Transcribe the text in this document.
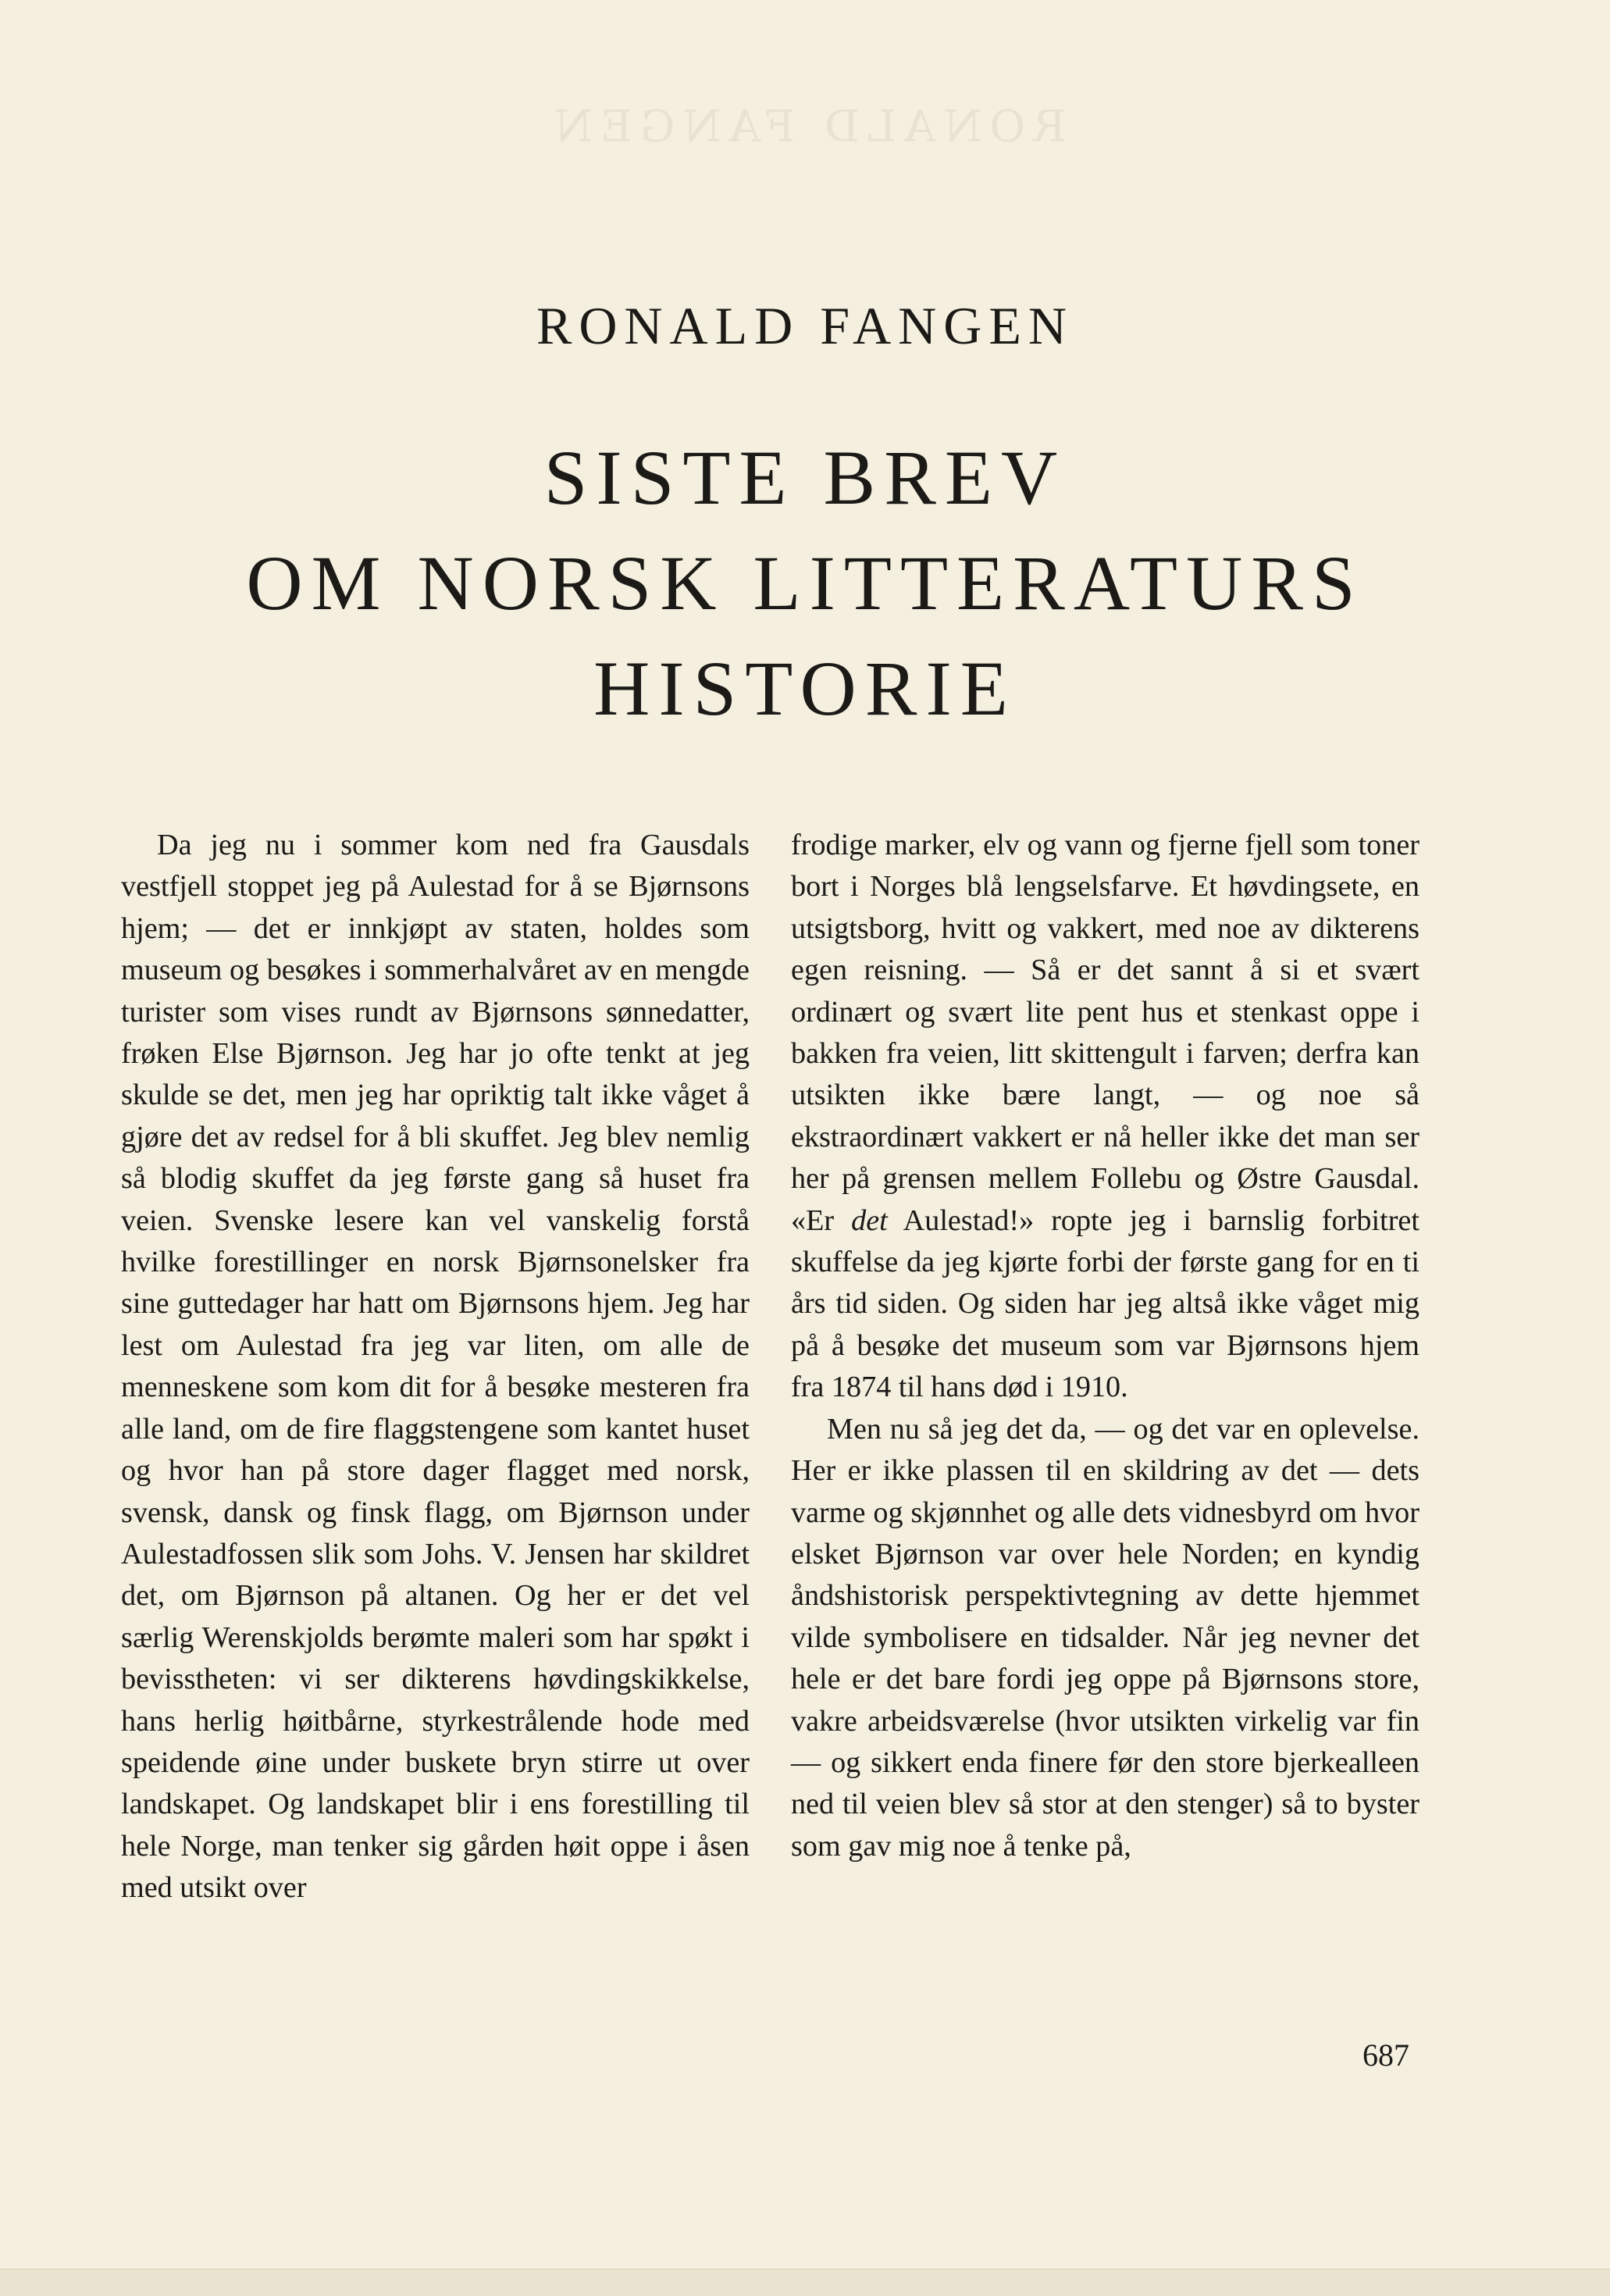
RONALD FANGEN
RONALD FANGEN
SISTE BREV
OM NORSK LITTERATURS
HISTORIE

Da jeg nu i sommer kom ned fra Gausdals vestfjell stoppet jeg på Aulestad for å se Bjørnsons hjem; — det er innkjøpt av staten, holdes som museum og besøkes i sommerhalvåret av en mengde turister som vises rundt av Bjørnsons sønnedatter, frøken Else Bjørnson. Jeg har jo ofte tenkt at jeg skulde se det, men jeg har opriktig talt ikke våget å gjøre det av redsel for å bli skuffet. Jeg blev nemlig så blodig skuffet da jeg første gang så huset fra veien. Svenske lesere kan vel vanskelig forstå hvilke forestillinger en norsk Bjørnsonelsker fra sine guttedager har hatt om Bjørnsons hjem. Jeg har lest om Aulestad fra jeg var liten, om alle de menneskene som kom dit for å besøke mesteren fra alle land, om de fire flaggstengene som kantet huset og hvor han på store dager flagget med norsk, svensk, dansk og finsk flagg, om Bjørnson under Aulestadfossen slik som Johs. V. Jensen har skildret det, om Bjørnson på altanen. Og her er det vel særlig Werenskjolds berømte maleri som har spøkt i bevisstheten: vi ser dikterens høvdingskikkelse, hans herlig høitbårne, styrkestrålende hode med speidende øine under buskete bryn stirre ut over landskapet. Og landskapet blir i ens forestilling til hele Norge, man tenker sig gården høit oppe i åsen med utsikt over

frodige marker, elv og vann og fjerne fjell som toner bort i Norges blå lengselsfarve. Et høvdingsete, en utsigtsborg, hvitt og vakkert, med noe av dikterens egen reisning. — Så er det sannt å si et svært ordinært og svært lite pent hus et stenkast oppe i bakken fra veien, litt skittengult i farven; derfra kan utsikten ikke bære langt, — og noe så ekstraordinært vakkert er nå heller ikke det man ser her på grensen mellem Follebu og Østre Gausdal. «Er det Aulestad!» ropte jeg i barnslig forbitret skuffelse da jeg kjørte forbi der første gang for en ti års tid siden. Og siden har jeg altså ikke våget mig på å besøke det museum som var Bjørnsons hjem fra 1874 til hans død i 1910.

Men nu så jeg det da, — og det var en oplevelse. Her er ikke plassen til en skildring av det — dets varme og skjønnhet og alle dets vidnesbyrd om hvor elsket Bjørnson var over hele Norden; en kyndig åndshistorisk perspektivtegning av dette hjemmet vilde symbolisere en tidsalder. Når jeg nevner det hele er det bare fordi jeg oppe på Bjørnsons store, vakre arbeidsværelse (hvor utsikten virkelig var fin — og sikkert enda finere før den store bjerkealleen ned til veien blev så stor at den stenger) så to byster som gav mig noe å tenke på,

687
